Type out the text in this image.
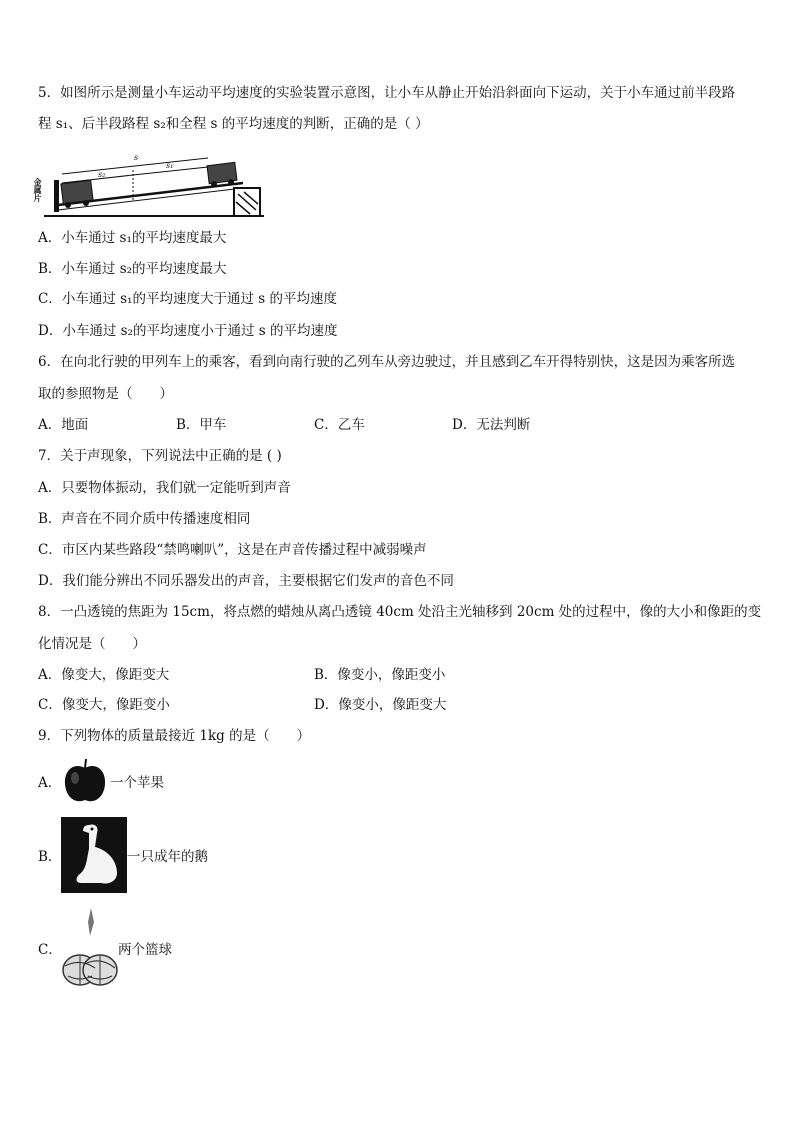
5．如图所示是测量小车运动平均速度的实验装置示意图，让小车从静止开始沿斜面向下运动，关于小车通过前半段路
程 s₁、后半段路程 s₂和全程 s 的平均速度的判断，正确的是（ ）
金属片
s
s₁
s₂
A．小车通过 s₁的平均速度最大
B．小车通过 s₂的平均速度最大
C．小车通过 s₁的平均速度大于通过 s 的平均速度
D．小车通过 s₂的平均速度小于通过 s 的平均速度
6．在向北行驶的甲列车上的乘客，看到向南行驶的乙列车从旁边驶过，并且感到乙车开得特别快，这是因为乘客所选
取的参照物是（　　）
A．地面	B．甲车	C．乙车	D．无法判断
7．关于声现象，下列说法中正确的是 ( )
A．只要物体振动，我们就一定能听到声音
B．声音在不同介质中传播速度相同
C．市区内某些路段“禁鸣喇叭”，这是在声音传播过程中减弱噪声
D．我们能分辨出不同乐器发出的声音，主要根据它们发声的音色不同
8．一凸透镜的焦距为 15cm，将点燃的蜡烛从离凸透镜 40cm 处沿主光轴移到 20cm 处的过程中，像的大小和像距的变
化情况是（　　）
A．像变大，像距变大	B．像变小，像距变小
C．像变大，像距变小	D．像变小，像距变大
9．下列物体的质量最接近 1kg 的是（　　）
A．	一个苹果
B．	一只成年的鹅
C．	两个篮球
